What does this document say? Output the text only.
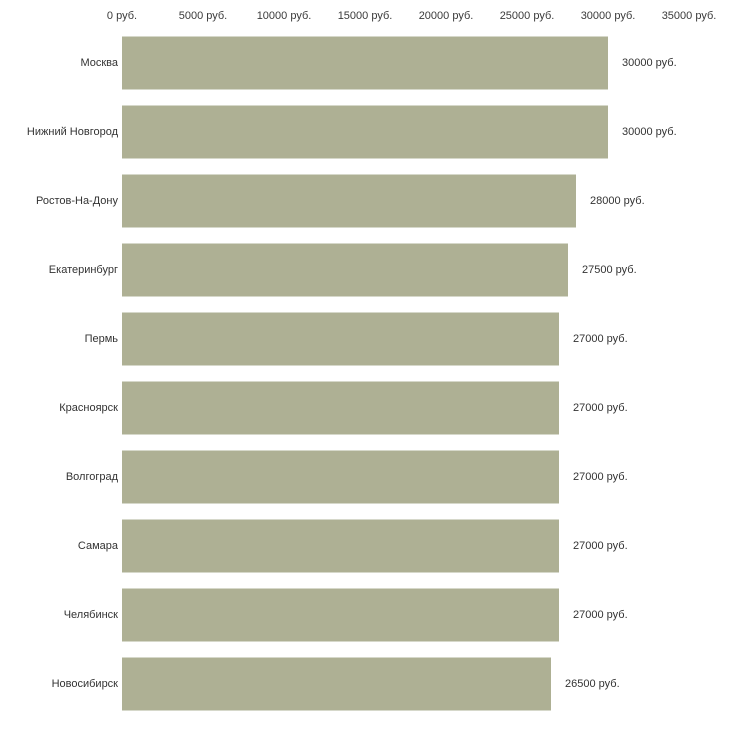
0 руб.	5000 руб.	10000 руб. 15000 руб. 20000 руб. 25000 руб. 30000 руб. 35000 руб.
Москва	30000 руб.
Нижний Новгород	30000 руб.
Ростов-На-Дону	28000 руб.
Екатеринбург	27500 руб.
Пермь	27000 руб.
Красноярск	27000 руб.
Волгоград	27000 руб.
Самара	27000 руб.
Челябинск	27000 руб.
Новосибирск	26500 руб.
